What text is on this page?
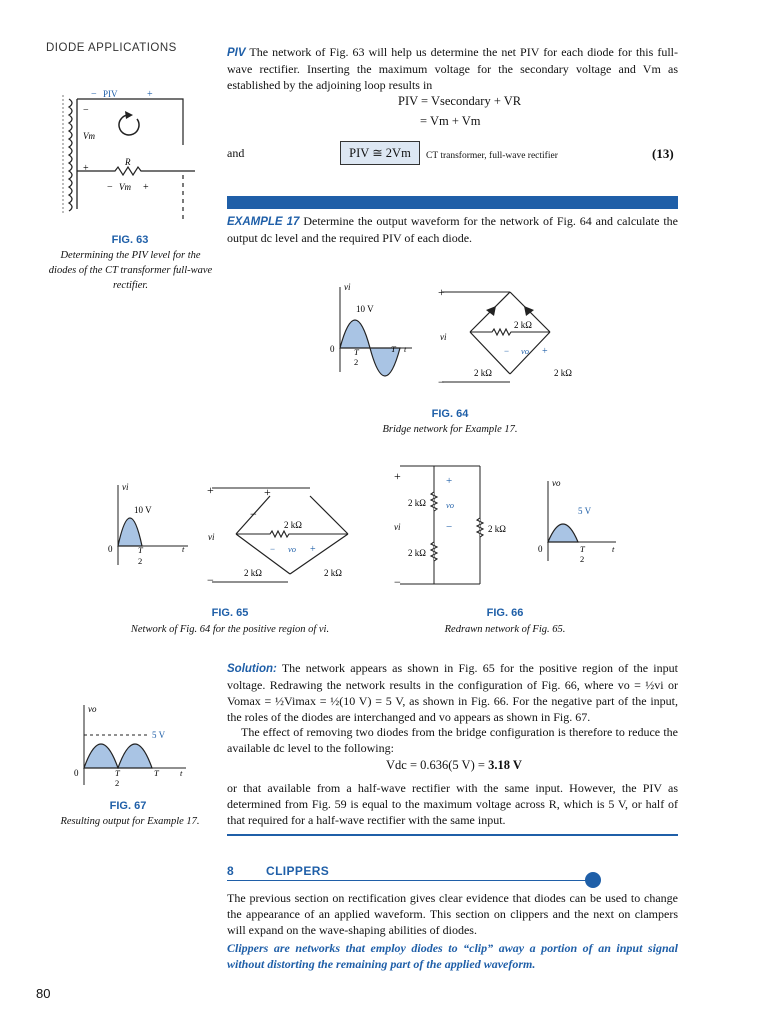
DIODE APPLICATIONS	PIV The network of Fig. 63 will help us determine the net PIV for each diode for this full-wave rectifier. Inserting the maximum voltage for the secondary voltage and Vm as established by the adjoining loop results in
PIV = Vsecondary + VR
= Vm + Vm
and	PIV ≅ 2Vm	CT transformer, full-wave rectifier	(13)
EXAMPLE 17 Determine the output waveform for the network of Fig. 64 and calculate the output dc level and the required PIV of each diode.
− PIV	+
−
Vm
+
R
− Vm +
FIG. 63
Determining the PIV level for the diodes of the CT transformer full-wave rectifier.	vi
10 V
0 T
2
T t
+
−
vi
2 kΩ
− vo +
2 kΩ	2 kΩ
FIG. 64
Bridge network for Example 17.
vi
10 V
0	T
2
t
+	+
−
−
vi
2 kΩ
− vo +
2 kΩ	2 kΩ
FIG. 65
Network of Fig. 64 for the positive region of vi.
+
−
+
−
vo
vi
2 kΩ
2 kΩ
2 kΩ
vo
5 V
0	T
2
t
FIG. 66
Redrawn network of Fig. 65.
vo
5 V
0	T
2
T	t
FIG. 67
Resulting output for Example 17.
Solution: The network appears as shown in Fig. 65 for the positive region of the input voltage. Redrawing the network results in the configuration of Fig. 66, where vo = ½vi or Vomax = ½Vimax = ½(10 V) = 5 V, as shown in Fig. 66. For the negative part of the input, the roles of the diodes are interchanged and vo appears as shown in Fig. 67.
The effect of removing two diodes from the bridge configuration is therefore to reduce the available dc level to the following:
Vdc = 0.636(5 V) = 3.18 V
or that available from a half-wave rectifier with the same input. However, the PIV as determined from Fig. 59 is equal to the maximum voltage across R, which is 5 V, or half of that required for a half-wave rectifier with the same input.
8	CLIPPERS
The previous section on rectification gives clear evidence that diodes can be used to change the appearance of an applied waveform. This section on clippers and the next on clampers will expand on the wave-shaping abilities of diodes.
Clippers are networks that employ diodes to “clip” away a portion of an input signal without distorting the remaining part of the applied waveform.
80
